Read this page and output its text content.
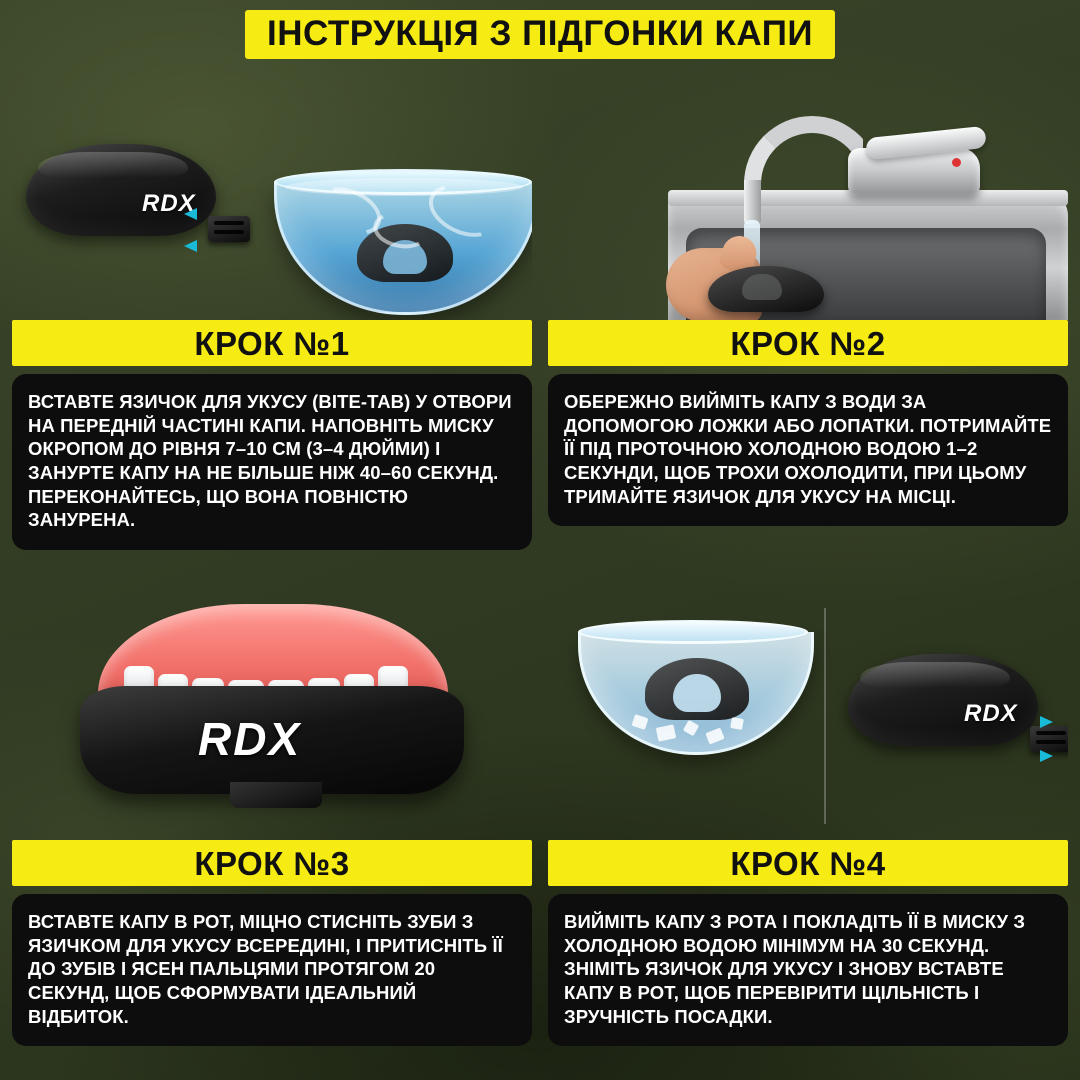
ІНСТРУКЦІЯ З ПІДГОНКИ КАПИ
RDX
КРОК №1
ВСТАВТЕ ЯЗИЧОК ДЛЯ УКУСУ (BITE-TAB) У ОТВОРИ НА ПЕРЕДНІЙ ЧАСТИНІ КАПИ. НАПОВНІТЬ МИСКУ ОКРОПОМ ДО РІВНЯ 7–10 СМ (3–4 ДЮЙМИ) І ЗАНУРТЕ КАПУ НА НЕ БІЛЬШЕ НІЖ 40–60 СЕКУНД. ПЕРЕКОНАЙТЕСЬ, ЩО ВОНА ПОВНІСТЮ ЗАНУРЕНА.
КРОК №2
ОБЕРЕЖНО ВИЙМІТЬ КАПУ З ВОДИ ЗА ДОПОМОГОЮ ЛОЖКИ АБО ЛОПАТКИ. ПОТРИМАЙТЕ ЇЇ ПІД ПРОТОЧНОЮ ХОЛОДНОЮ ВОДОЮ 1–2 СЕКУНДИ, ЩОБ ТРОХИ ОХОЛОДИТИ, ПРИ ЦЬОМУ ТРИМАЙТЕ ЯЗИЧОК ДЛЯ УКУСУ НА МІСЦІ.
RDX
КРОК №3
ВСТАВТЕ КАПУ В РОТ, МІЦНО СТИСНІТЬ ЗУБИ З ЯЗИЧКОМ ДЛЯ УКУСУ ВСЕРЕДИНІ, І ПРИТИСНІТЬ ЇЇ ДО ЗУБІВ І ЯСЕН ПАЛЬЦЯМИ ПРОТЯГОМ 20 СЕКУНД, ЩОБ СФОРМУВАТИ ІДЕАЛЬНИЙ ВІДБИТОК.
RDX
КРОК №4
ВИЙМІТЬ КАПУ З РОТА І ПОКЛАДІТЬ ЇЇ В МИСКУ З ХОЛОДНОЮ ВОДОЮ МІНІМУМ НА 30 СЕКУНД. ЗНІМІТЬ ЯЗИЧОК ДЛЯ УКУСУ І ЗНОВУ ВСТАВТЕ КАПУ В РОТ, ЩОБ ПЕРЕВІРИТИ ЩІЛЬНІСТЬ І ЗРУЧНІСТЬ ПОСАДКИ.
